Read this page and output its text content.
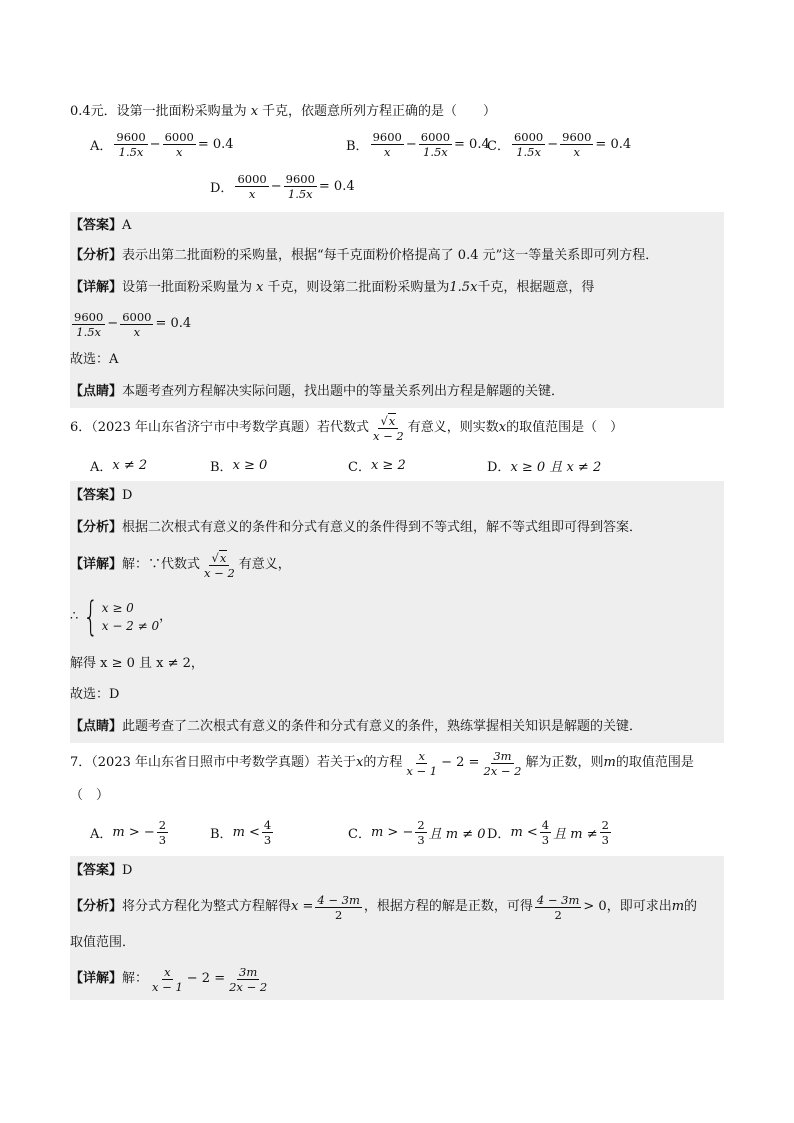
0.4元．设第一批面粉采购量为 x 千克，依题意所列方程正确的是（　　）
A． $\frac{9600}{1.5x} - \frac{6000}{x} = 0.4$	B． $\frac{9600}{x} - \frac{6000}{1.5x} = 0.4$
C． $\frac{6000}{1.5x} - \frac{9600}{x} = 0.4$
D． $\frac{6000}{x} - \frac{9600}{1.5x} = 0.4$
【答案】 A
【分析】 表示出第二批面粉的采购量，根据“每千克面粉价格提高了 0.4 元”这一等量关系即可列方程．
【详解】 设第一批面粉采购量为 x 千克，则设第二批面粉采购量为 1.5x 千克，根据题意，得
$\frac{9600}{1.5x} - \frac{6000}{x} = 0.4$
故选：A
【点睛】 本题考查列方程解决实际问题，找出题中的等量关系列出方程是解题的关键．
6．（2023 年山东省济宁市中考数学真题）若代数式 $\frac{√ x}{x - 2}$ 有意义，则实数 x 的取值范围是（　）
A． x ≠ 2	B． x ≥ 0	C． x ≥ 2	D． x ≥ 0 且 x ≠ 2
【答案】 D
【分析】 根据二次根式有意义的条件和分式有意义的条件得到不等式组，解不等式组即可得到答案．
【详解】 解：∵代数式 $\frac{√ x}{x - 2}$ 有意义，
∴ { x ≥ 0
x − 2 ≠ 0
，
解得 x ≥ 0 且 x ≠ 2，
故选：D
【点睛】 此题考查了二次根式有意义的条件和分式有意义的条件，熟练掌握相关知识是解题的关键．
7．（2023 年山东省日照市中考数学真题）若关于 x 的方程 $\frac{x}{x - 1} - 2 = \frac{3m}{2x - 2}$ 解为正数，则 m 的取值范围是
（　）
A． m > − $\frac{2}{3}$	B． $m < \frac{4}{3}$	C． m > − $\frac{2}{3}$ 且 m ≠ 0 D． $m < \frac{4}{3}$ 且 $m \ne \frac{2}{3}$
【答案】 D
【分析】 将分式方程化为整式方程解得 $x = \frac{4 - 3m}{2}$ ，根据方程的解是正数，可得 $\frac{4 - 3m}{2} > 0$，即可求出 m 的
取值范围．
【详解】 解： $\frac{x}{x - 1} - 2 = \frac{3m}{2x - 2}$
